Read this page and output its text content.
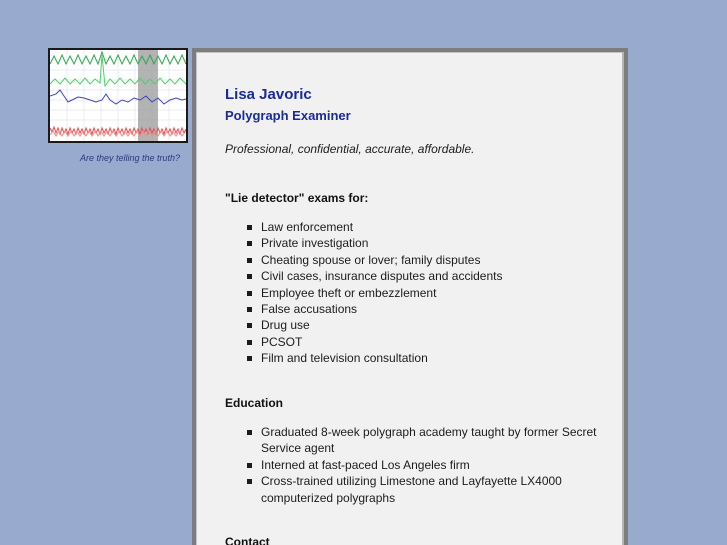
Are they telling the truth?
Lisa Javoric
Polygraph Examiner

Professional, confidential, accurate, affordable.

"Lie detector" exams for:

Law enforcement
Private investigation
Cheating spouse or lover; family disputes
Civil cases, insurance disputes and accidents
Employee theft or embezzlement
False accusations
Drug use
PCSOT
Film and television consultation

Education

Graduated 8-week polygraph academy taught by former Secret Service agent
Interned at fast-paced Los Angeles firm
Cross-trained utilizing Limestone and Layfayette LX4000 computerized polygraphs

Contact
